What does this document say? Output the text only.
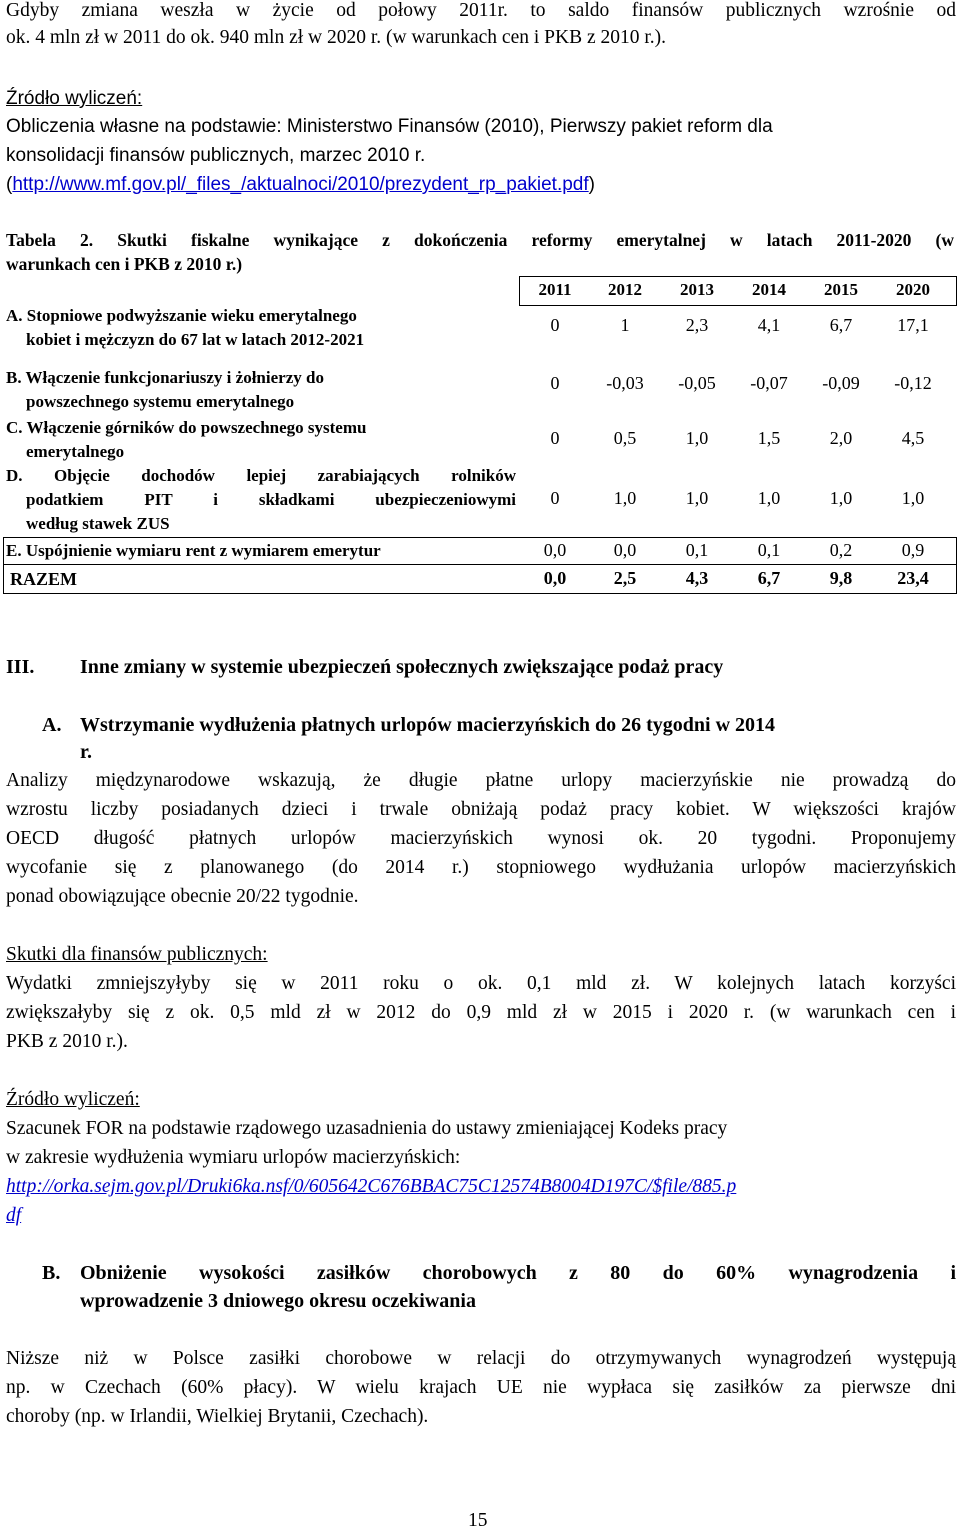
Gdyby zmiana weszła w życie od połowy 2011r. to saldo finansów publicznych wzrośnie od
ok. 4 mln zł w 2011 do ok. 940 mln zł w 2020 r. (w warunkach cen i PKB z 2010 r.).
Źródło wyliczeń:
Obliczenia własne na podstawie: Ministerstwo Finansów (2010), Pierwszy pakiet reform dla
konsolidacji finansów publicznych, marzec 2010 r.
(http://www.mf.gov.pl/_files_/aktualnoci/2010/prezydent_rp_pakiet.pdf)
Tabela 2. Skutki fiskalne wynikające z dokończenia reformy emerytalnej w latach 2011-2020 (w
warunkach cen i PKB z 2010 r.)
2011	2012	2013	2014	2015	2020
A. Stopniowe podwyższanie wieku emerytalnego
kobiet i mężczyzn do 67 lat w latach 2012-2021
0	1	2,3	4,1	6,7	17,1
B. Włączenie funkcjonariuszy i żołnierzy do
powszechnego systemu emerytalnego
0	-0,03	-0,05	-0,07	-0,09	-0,12
C. Włączenie górników do powszechnego systemu
emerytalnego
0	0,5	1,0	1,5	2,0	4,5
D. Objęcie dochodów lepiej zarabiających rolników
podatkiem PIT i składkami ubezpieczeniowymi
według stawek ZUS
0	1,0	1,0	1,0	1,0	1,0
E. Uspójnienie wymiaru rent z wymiarem emerytur	0,0	0,0	0,1	0,1	0,2	0,9
RAZEM	0,0	2,5	4,3	6,7	9,8	23,4
III. Inne zmiany w systemie ubezpieczeń społecznych zwiększające podaż pracy
A. Wstrzymanie wydłużenia płatnych urlopów macierzyńskich do 26 tygodni w 2014
r.
Analizy międzynarodowe wskazują, że długie płatne urlopy macierzyńskie nie prowadzą do
wzrostu liczby posiadanych dzieci i trwale obniżają podaż pracy kobiet. W większości krajów
OECD długość płatnych urlopów macierzyńskich wynosi ok. 20 tygodni. Proponujemy
wycofanie się z planowanego (do 2014 r.) stopniowego wydłużania urlopów macierzyńskich
ponad obowiązujące obecnie 20/22 tygodnie.
Skutki dla finansów publicznych:
Wydatki zmniejszyłyby się w 2011 roku o ok. 0,1 mld zł. W kolejnych latach korzyści
zwiększałyby się z ok. 0,5 mld zł w 2012 do 0,9 mld zł w 2015 i 2020 r. (w warunkach cen i
PKB z 2010 r.).
Źródło wyliczeń:
Szacunek FOR na podstawie rządowego uzasadnienia do ustawy zmieniającej Kodeks pracy
w zakresie wydłużenia wymiaru urlopów macierzyńskich:
http://orka.sejm.gov.pl/Druki6ka.nsf/0/605642C676BBAC75C12574B8004D197C/$file/885.p
df
B. Obniżenie wysokości zasiłków chorobowych z 80 do 60% wynagrodzenia i
wprowadzenie 3 dniowego okresu oczekiwania
Niższe niż w Polsce zasiłki chorobowe w relacji do otrzymywanych wynagrodzeń występują
np. w Czechach (60% płacy). W wielu krajach UE nie wypłaca się zasiłków za pierwsze dni
choroby (np. w Irlandii, Wielkiej Brytanii, Czechach).
15
